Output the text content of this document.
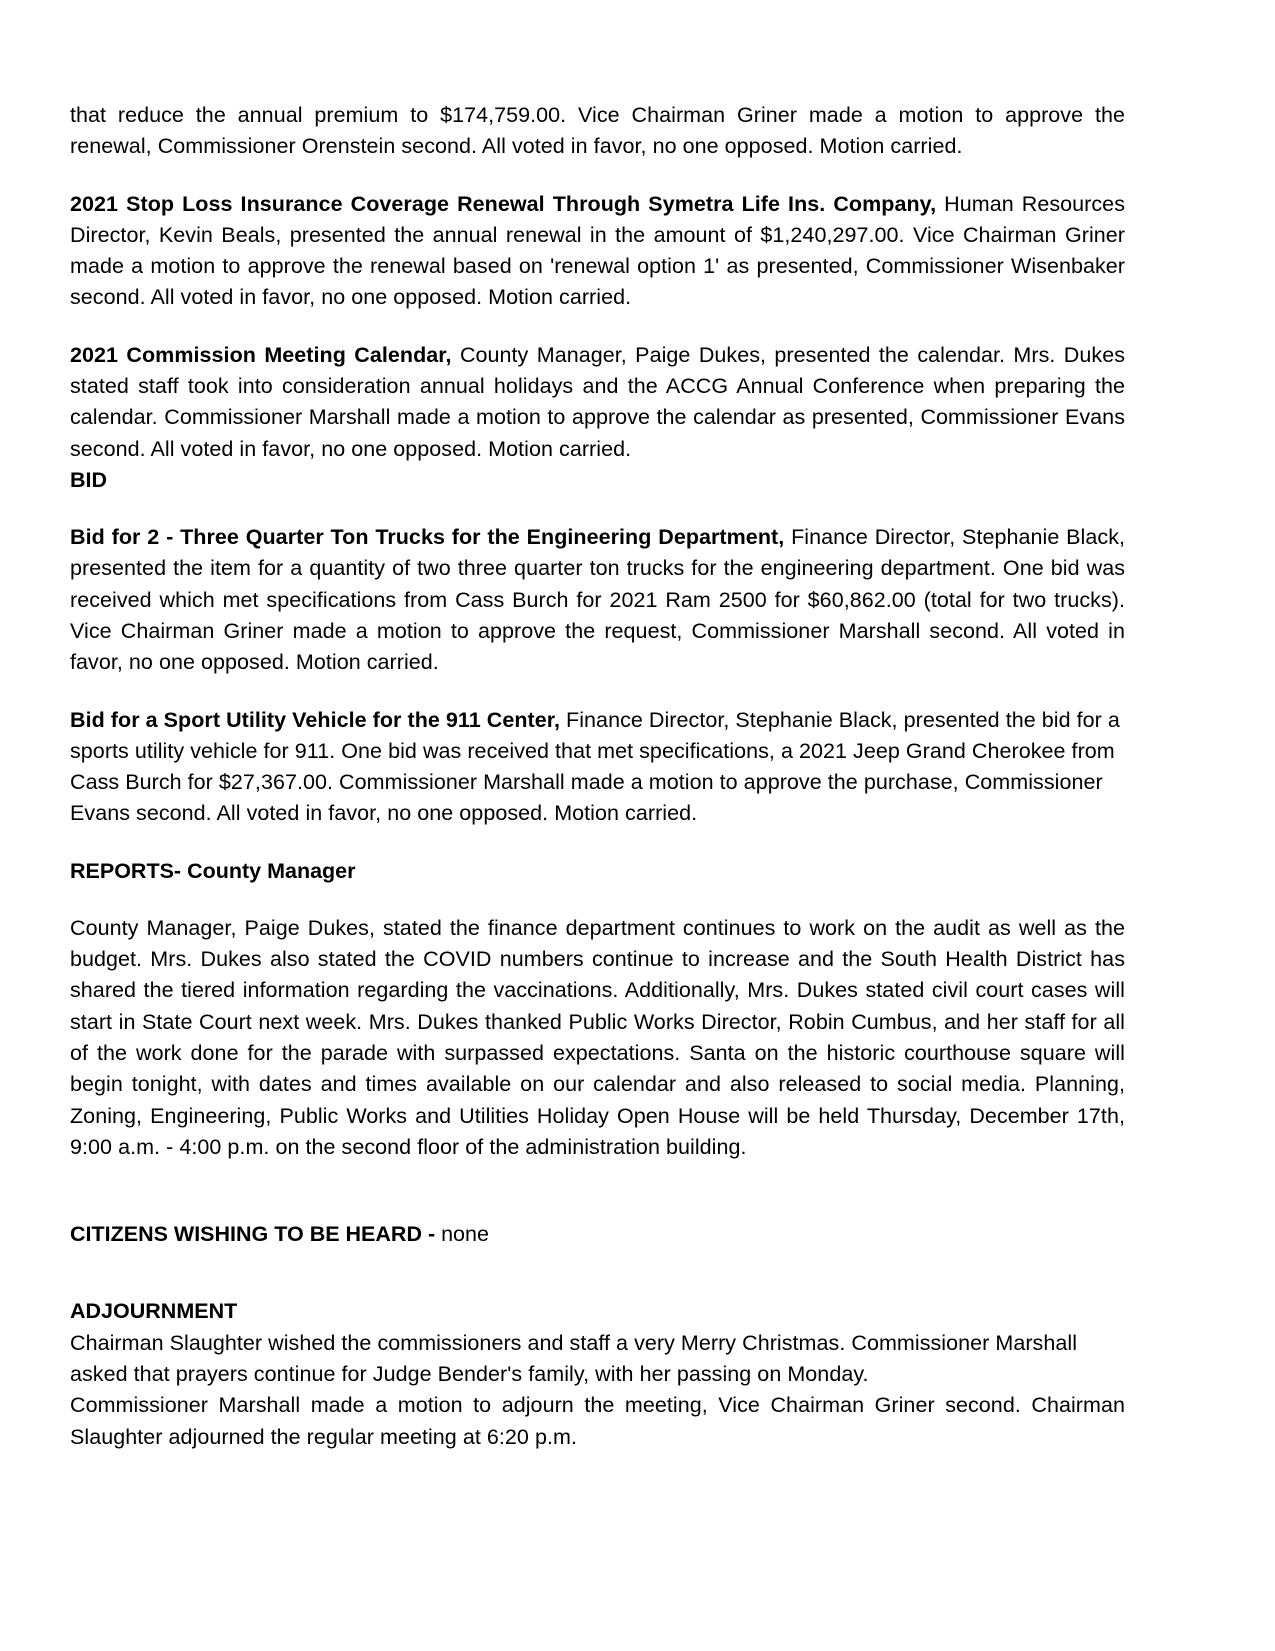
that reduce the annual premium to $174,759.00. Vice Chairman Griner made a motion to approve the renewal, Commissioner Orenstein second. All voted in favor, no one opposed. Motion carried.

2021 Stop Loss Insurance Coverage Renewal Through Symetra Life Ins. Company, Human Resources Director, Kevin Beals, presented the annual renewal in the amount of $1,240,297.00. Vice Chairman Griner made a motion to approve the renewal based on 'renewal option 1' as presented, Commissioner Wisenbaker second. All voted in favor, no one opposed. Motion carried.

2021 Commission Meeting Calendar, County Manager, Paige Dukes, presented the calendar. Mrs. Dukes stated staff took into consideration annual holidays and the ACCG Annual Conference when preparing the calendar. Commissioner Marshall made a motion to approve the calendar as presented, Commissioner Evans second. All voted in favor, no one opposed. Motion carried.

BID

Bid for 2 - Three Quarter Ton Trucks for the Engineering Department, Finance Director, Stephanie Black, presented the item for a quantity of two three quarter ton trucks for the engineering department. One bid was received which met specifications from Cass Burch for 2021 Ram 2500 for $60,862.00 (total for two trucks). Vice Chairman Griner made a motion to approve the request, Commissioner Marshall second. All voted in favor, no one opposed. Motion carried.

Bid for a Sport Utility Vehicle for the 911 Center, Finance Director, Stephanie Black, presented the bid for a sports utility vehicle for 911. One bid was received that met specifications, a 2021 Jeep Grand Cherokee from Cass Burch for $27,367.00. Commissioner Marshall made a motion to approve the purchase, Commissioner Evans second. All voted in favor, no one opposed. Motion carried.

REPORTS- County Manager

County Manager, Paige Dukes, stated the finance department continues to work on the audit as well as the budget. Mrs. Dukes also stated the COVID numbers continue to increase and the South Health District has shared the tiered information regarding the vaccinations. Additionally, Mrs. Dukes stated civil court cases will start in State Court next week. Mrs. Dukes thanked Public Works Director, Robin Cumbus, and her staff for all of the work done for the parade with surpassed expectations. Santa on the historic courthouse square will begin tonight, with dates and times available on our calendar and also released to social media. Planning, Zoning, Engineering, Public Works and Utilities Holiday Open House will be held Thursday, December 17th, 9:00 a.m. - 4:00 p.m. on the second floor of the administration building.

CITIZENS WISHING TO BE HEARD - none
ADJOURNMENT

Chairman Slaughter wished the commissioners and staff a very Merry Christmas. Commissioner Marshall asked that prayers continue for Judge Bender's family, with her passing on Monday.

Commissioner Marshall made a motion to adjourn the meeting, Vice Chairman Griner second. Chairman Slaughter adjourned the regular meeting at 6:20 p.m.
